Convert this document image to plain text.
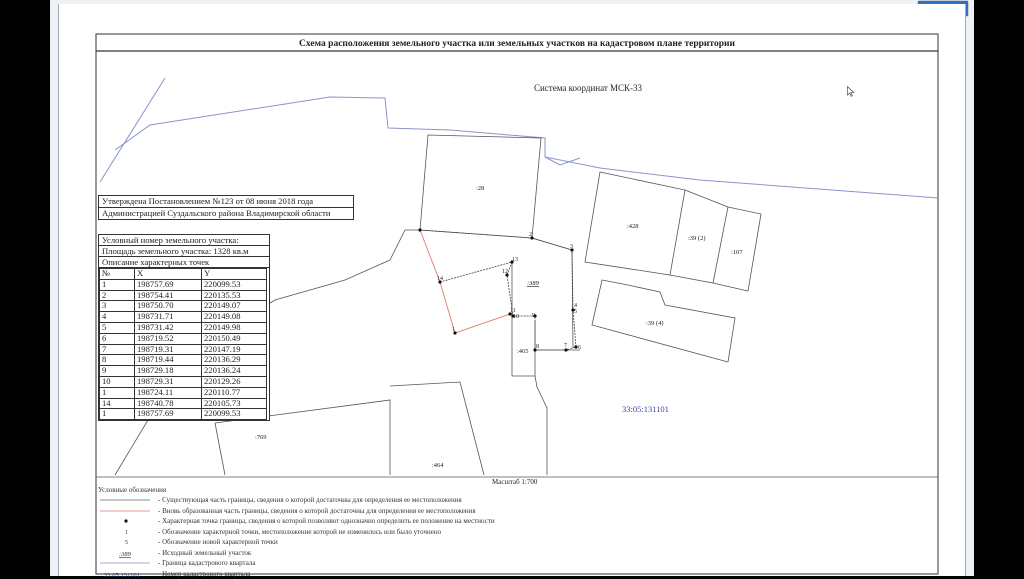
Схема расположения земельного участка или земельных участков на кадастровом плане территории
Система координат МСК-33
2
3
4
5
6
7
8
9
10
11
12
13
14
1
:28
:428
:39 (2)
:107
:39 (4)
:465
:769
:464
:389
33:05:131101
Масштаб 1:700
Утверждена Постановлением №123 от 08 июня 2018 года
Администрацией Суздальского района Владимирской области
Условный номер земельного участка:
Площадь земельного участка: 1328 кв.м
Описание характерных точек
№	X	Y
1	198757.69	220099.53
2	198754.41	220135.53
3	198750.70	220149.07
4	198731.71	220149.08
5	198731.42	220149.98
6	198719.52	220150.49
7	198719.31	220147.19
8	198719.44	220136.29
9	198729.18	220136.24
10	198729.31	220129.26
1	198724.11	220110.77
14	198740.78	220105.73
1	198757.69	220099.53
Условные обозначения
- Существующая часть границы, сведения о которой достаточны для определения ее местоположения
- Вновь образованная часть границы, сведения о которой достаточны для определения ее местоположения
- Характерная точка границы, сведения о которой позволяют однозначно определить ее положение на местности
1	- Обозначение характерной точки, местоположение которой не изменилось или было уточнено
5	- Обозначение новой характерной точки
:389	- Исходный земельный участок
- Граница кадастрового квартала
33:05:131101	- Номер кадастрового квартала
